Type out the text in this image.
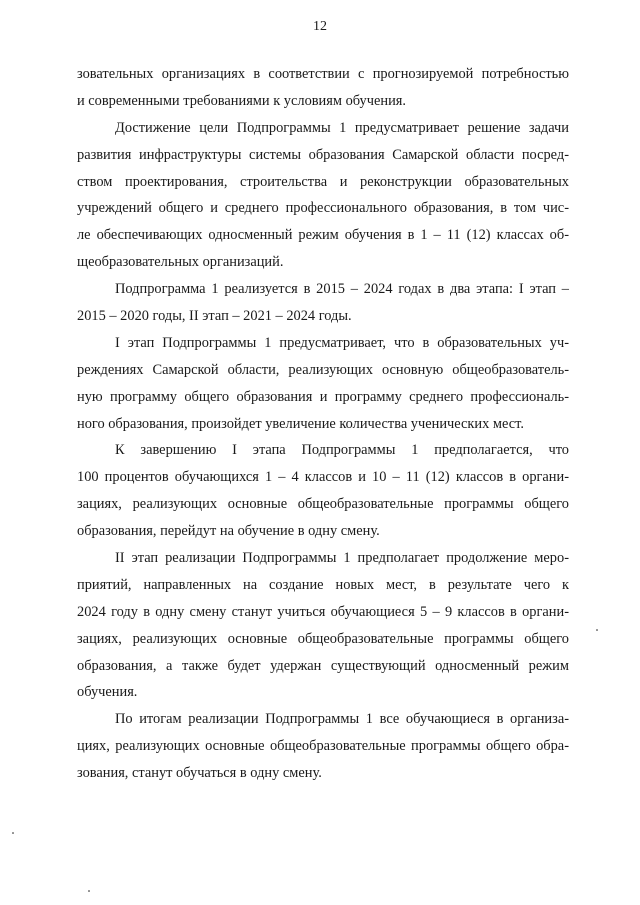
12
зовательных организациях в соответствии с прогнозируемой потребностью
и современными требованиями к условиям обучения.
Достижение цели Подпрограммы 1 предусматривает решение задачи
развития инфраструктуры системы образования Самарской области посред-
ством проектирования, строительства и реконструкции образовательных
учреждений общего и среднего профессионального образования, в том чис-
ле обеспечивающих односменный режим обучения в 1 – 11 (12) классах об-
щеобразовательных организаций.
Подпрограмма 1 реализуется в 2015 – 2024 годах в два этапа: I этап –
2015 – 2020 годы, II этап – 2021 – 2024 годы.
I этап Подпрограммы 1 предусматривает, что в образовательных уч-
реждениях Самарской области, реализующих основную общеобразователь-
ную программу общего образования и программу среднего профессиональ-
ного образования, произойдет увеличение количества ученических мест.
К завершению I этапа Подпрограммы 1 предполагается, что
100 процентов обучающихся 1 – 4 классов и 10 – 11 (12) классов в органи-
зациях, реализующих основные общеобразовательные программы общего
образования, перейдут на обучение в одну смену.
II этап реализации Подпрограммы 1 предполагает продолжение меро-
приятий, направленных на создание новых мест, в результате чего к
2024 году в одну смену станут учиться обучающиеся 5 – 9 классов в органи-
зациях, реализующих основные общеобразовательные программы общего
образования, а также будет удержан существующий односменный режим
обучения.
По итогам реализации Подпрограммы 1 все обучающиеся в организа-
циях, реализующих основные общеобразовательные программы общего обра-
зования, станут обучаться в одну смену.
